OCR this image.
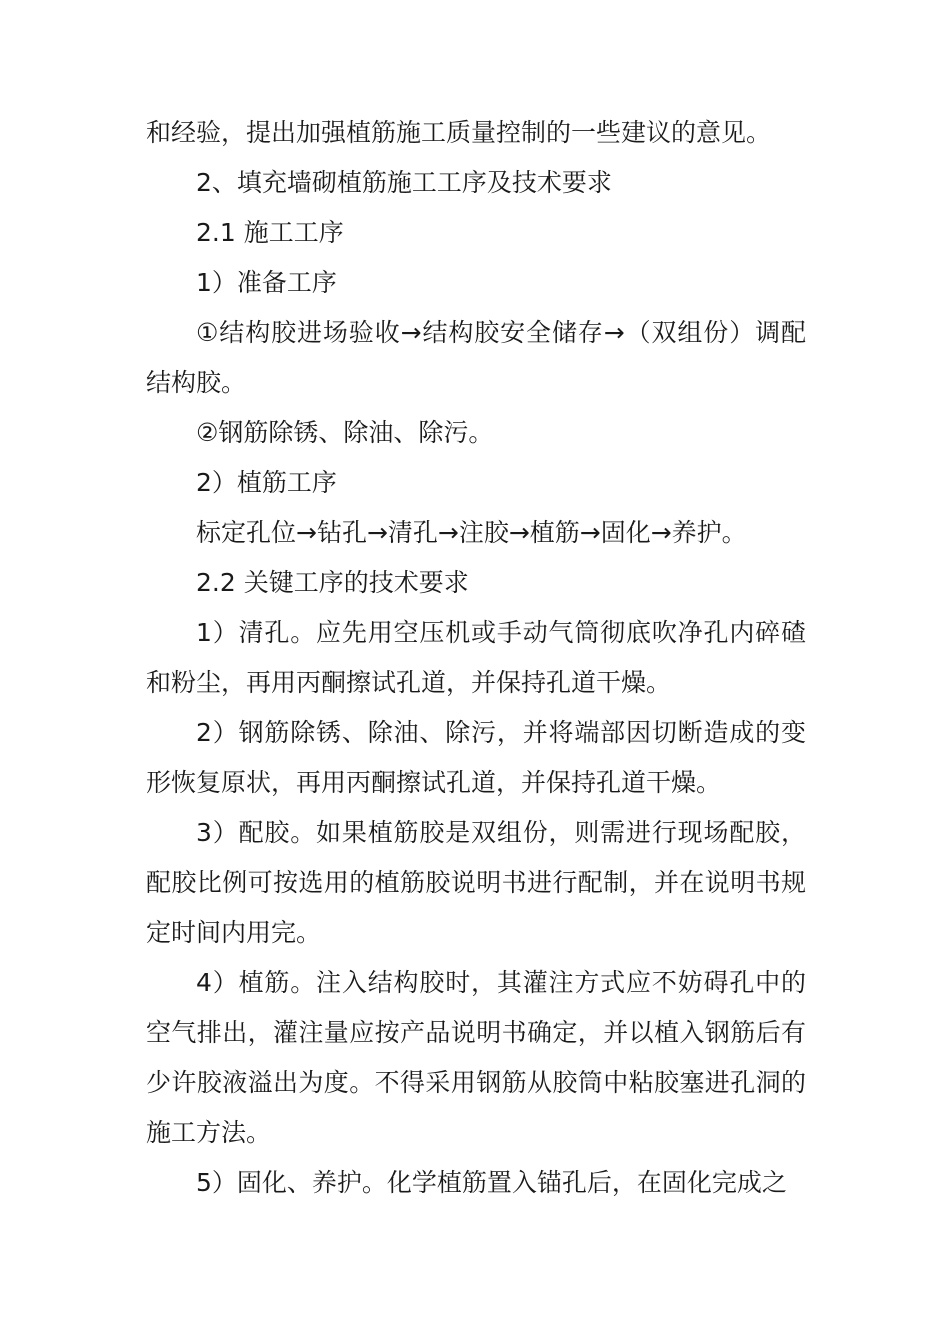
和经验，提出加强植筋施工质量控制的一些建议的意见。

2、填充墙砌植筋施工工序及技术要求

2.1 施工工序

1）准备工序

①结构胶进场验收→结构胶安全储存→（双组份）调配结构胶。

②钢筋除锈、除油、除污。

2）植筋工序

标定孔位→钻孔→清孔→注胶→植筋→固化→养护。

2.2 关键工序的技术要求

1）清孔。应先用空压机或手动气筒彻底吹净孔内碎碴和粉尘，再用丙酮擦试孔道，并保持孔道干燥。

2）钢筋除锈、除油、除污，并将端部因切断造成的变形恢复原状，再用丙酮擦试孔道，并保持孔道干燥。

3）配胶。如果植筋胶是双组份，则需进行现场配胶，配胶比例可按选用的植筋胶说明书进行配制，并在说明书规定时间内用完。

4）植筋。注入结构胶时，其灌注方式应不妨碍孔中的空气排出，灌注量应按产品说明书确定，并以植入钢筋后有少许胶液溢出为度。不得采用钢筋从胶筒中粘胶塞进孔洞的施工方法。

5）固化、养护。化学植筋置入锚孔后，在固化完成之
